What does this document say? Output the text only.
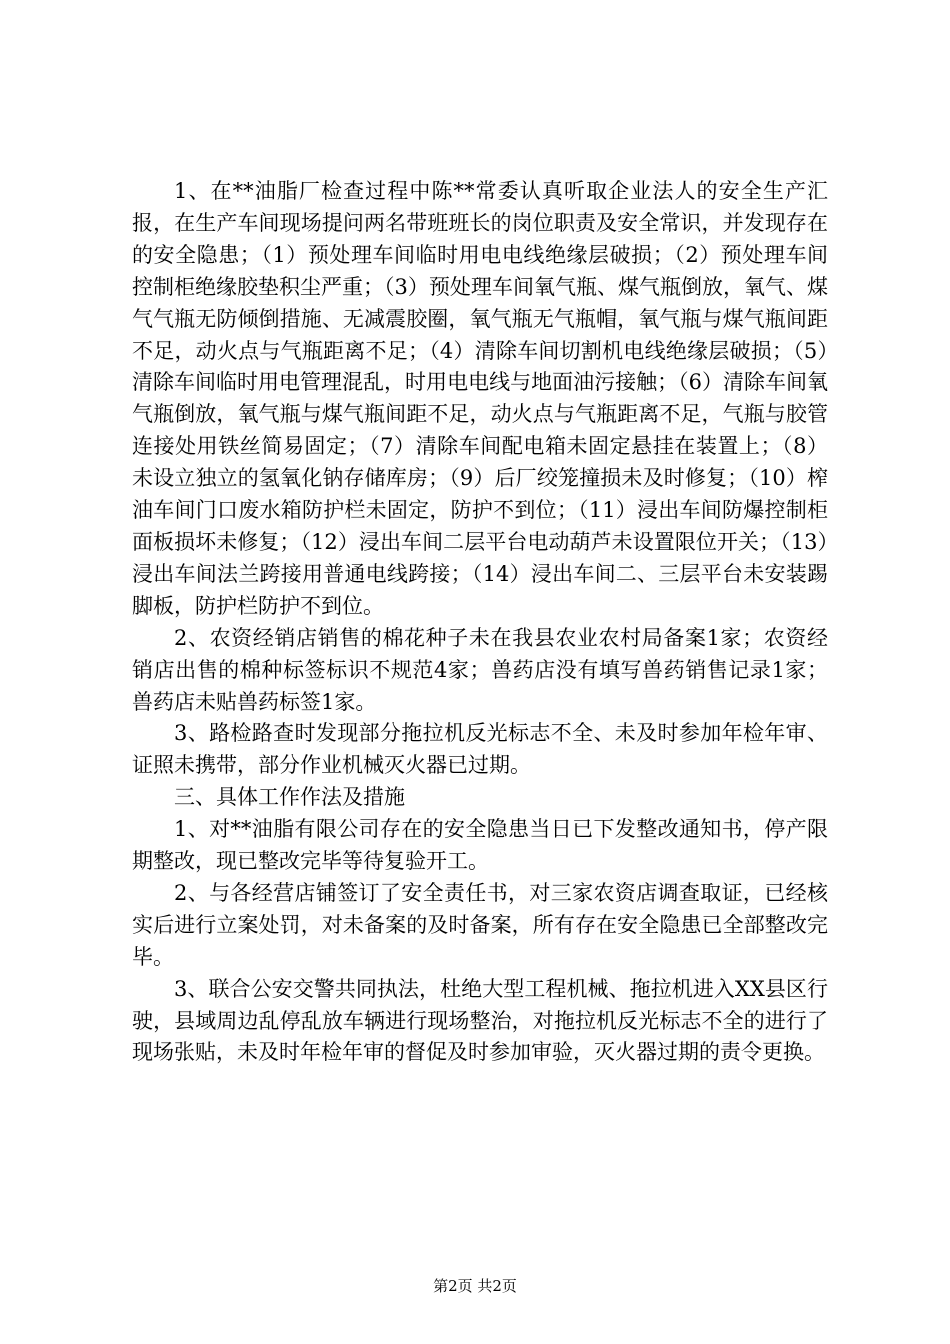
1、在**油脂厂检查过程中陈**常委认真听取企业法人的安全生产汇报，在生产车间现场提问两名带班班长的岗位职责及安全常识，并发现存在的安全隐患；（1）预处理车间临时用电电线绝缘层破损；（2）预处理车间控制柜绝缘胶垫积尘严重；（3）预处理车间氧气瓶、煤气瓶倒放，氧气、煤气气瓶无防倾倒措施、无减震胶圈，氧气瓶无气瓶帽，氧气瓶与煤气瓶间距不足，动火点与气瓶距离不足；（4）清除车间切割机电线绝缘层破损；（5）清除车间临时用电管理混乱，时用电电线与地面油污接触；（6）清除车间氧气瓶倒放，氧气瓶与煤气瓶间距不足，动火点与气瓶距离不足，气瓶与胶管连接处用铁丝简易固定；（7）清除车间配电箱未固定悬挂在装置上；（8）未设立独立的氢氧化钠存储库房；（9）后厂绞笼撞损未及时修复；（10）榨油车间门口废水箱防护栏未固定，防护不到位；（11）浸出车间防爆控制柜面板损坏未修复；（12）浸出车间二层平台电动葫芦未设置限位开关；（13）浸出车间法兰跨接用普通电线跨接；（14）浸出车间二、三层平台未安装踢脚板，防护栏防护不到位。

2、农资经销店销售的棉花种子未在我县农业农村局备案1家；农资经销店出售的棉种标签标识不规范4家；兽药店没有填写兽药销售记录1家；兽药店未贴兽药标签1家。

3、路检路查时发现部分拖拉机反光标志不全、未及时参加年检年审、证照未携带，部分作业机械灭火器已过期。

三、具体工作作法及措施

1、对**油脂有限公司存在的安全隐患当日已下发整改通知书，停产限期整改，现已整改完毕等待复验开工。

2、与各经营店铺签订了安全责任书，对三家农资店调查取证，已经核实后进行立案处罚，对未备案的及时备案，所有存在安全隐患已全部整改完毕。

3、联合公安交警共同执法，杜绝大型工程机械、拖拉机进入XX县区行驶，县域周边乱停乱放车辆进行现场整治，对拖拉机反光标志不全的进行了现场张贴，未及时年检年审的督促及时参加审验，灭火器过期的责令更换。

第2页 共2页
